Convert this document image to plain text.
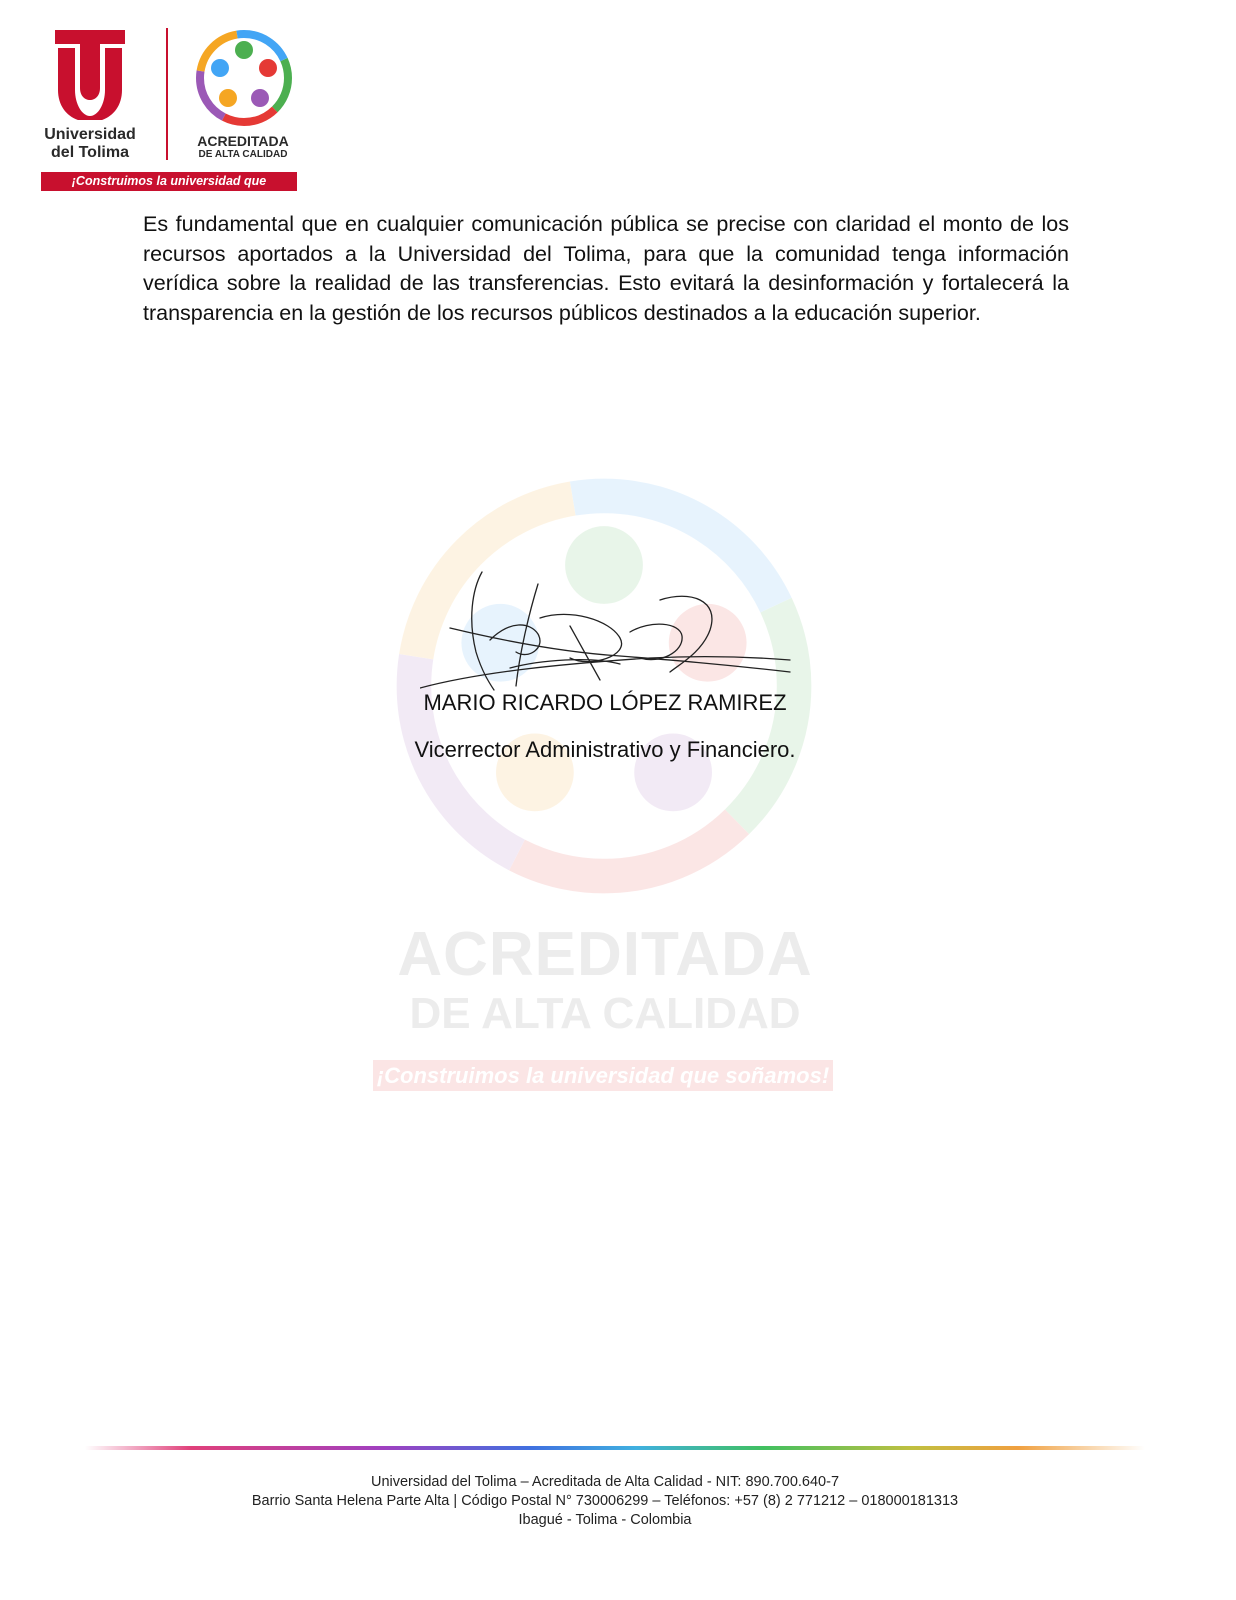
Universidad del Tolima
ACREDITADA
DE ALTA CALIDAD
¡Construimos la universidad que soñamos!
Es fundamental que en cualquier comunicación pública se precise con claridad el monto de los recursos aportados a la Universidad del Tolima, para que la comunidad tenga información verídica sobre la realidad de las transferencias. Esto evitará la desinformación y fortalecerá la transparencia en la gestión de los recursos públicos destinados a la educación superior.
ACREDITADA
DE ALTA CALIDAD
¡Construimos la universidad que soñamos!
MARIO RICARDO LÓPEZ RAMIREZ
Vicerrector Administrativo y Financiero.
Universidad del Tolima – Acreditada de Alta Calidad - NIT: 890.700.640-7
Barrio Santa Helena Parte Alta | Código Postal N° 730006299 – Teléfonos: +57 (8) 2 771212 – 018000181313
Ibagué - Tolima - Colombia
